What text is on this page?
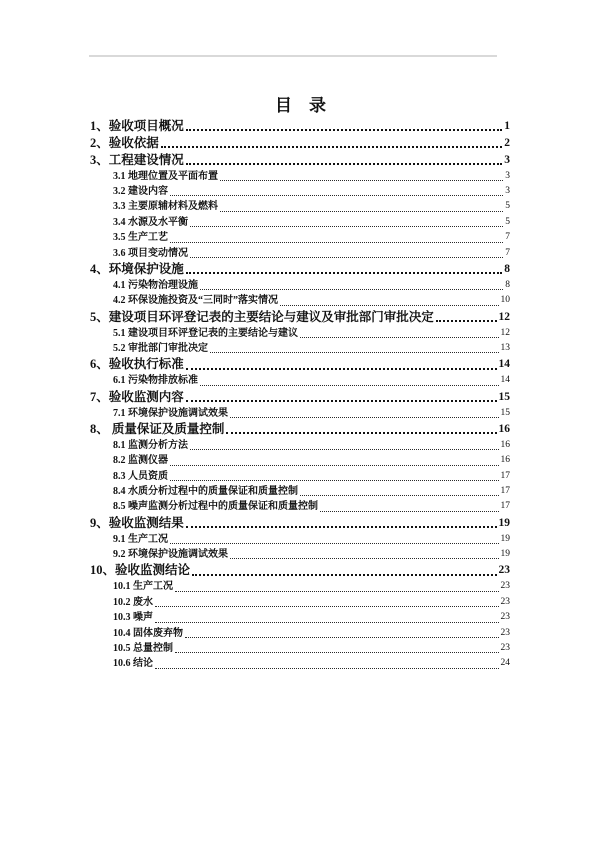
目　录
1、验收项目概况	1
2、验收依据	2
3、工程建设情况	3
3.1 地理位置及平面布置	3
3.2 建设内容	3
3.3 主要原辅材料及燃料	5
3.4 水源及水平衡	5
3.5 生产工艺	7
3.6 项目变动情况	7
4、环境保护设施	8
4.1 污染物治理设施	8
4.2 环保设施投资及“三同时”落实情况	10
5、建设项目环评登记表的主要结论与建议及审批部门审批决定	12
5.1 建设项目环评登记表的主要结论与建议	12
5.2 审批部门审批决定	13
6、验收执行标准	14
6.1 污染物排放标准	14
7、验收监测内容	15
7.1 环境保护设施调试效果	15
8、 质量保证及质量控制	16
8.1 监测分析方法	16
8.2 监测仪器	16
8.3 人员资质	17
8.4 水质分析过程中的质量保证和质量控制	17
8.5 噪声监测分析过程中的质量保证和质量控制	17
9、验收监测结果	19
9.1 生产工况	19
9.2 环境保护设施调试效果	19
10、验收监测结论	23
10.1 生产工况	23
10.2 废水	23
10.3 噪声	23
10.4 固体废弃物	23
10.5 总量控制	23
10.6 结论	24
